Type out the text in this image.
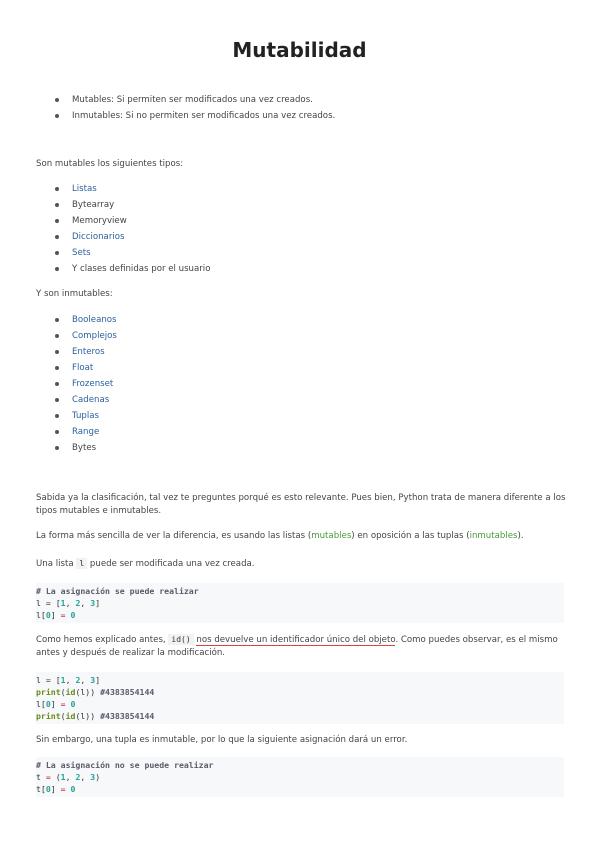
Mutabilidad
Mutables: Si permiten ser modificados una vez creados.
Inmutables: Si no permiten ser modificados una vez creados.
Son mutables los siguientes tipos:
Listas
Bytearray
Memoryview
Diccionarios
Sets
Y clases definidas por el usuario
Y son inmutables:
Booleanos
Complejos
Enteros
Float
Frozenset
Cadenas
Tuplas
Range
Bytes
Sabida ya la clasificación, tal vez te preguntes porqué es esto relevante. Pues bien, Python trata de manera diferente a los tipos mutables e inmutables.
La forma más sencilla de ver la diferencia, es usando las listas (mutables) en oposición a las tuplas (inmutables).
Una lista l puede ser modificada una vez creada.
# La asignación se puede realizar
l = [1, 2, 3]
l[0] = 0
Como hemos explicado antes, id() nos devuelve un identificador único del objeto. Como puedes observar, es el mismo antes y después de realizar la modificación.
l = [1, 2, 3]
print(id(l)) #4383854144
l[0] = 0
print(id(l)) #4383854144
Sin embargo, una tupla es inmutable, por lo que la siguiente asignación dará un error.
# La asignación no se puede realizar
t = (1, 2, 3)
t[0] = 0
